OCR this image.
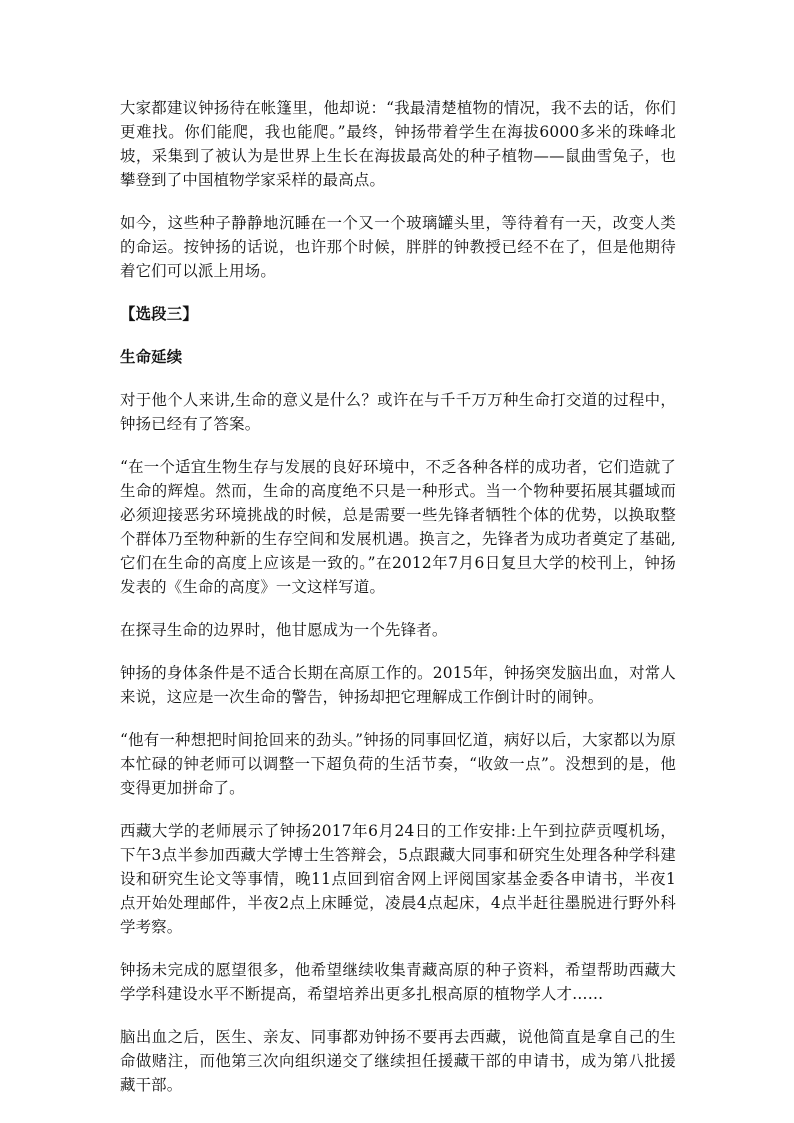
大家都建议钟扬待在帐篷里，他却说：“我最清楚植物的情况，我不去的话，你们更难找。你们能爬，我也能爬。”最终，钟扬带着学生在海拔6000多米的珠峰北坡，采集到了被认为是世界上生长在海拔最高处的种子植物——鼠曲雪兔子，也攀登到了中国植物学家采样的最高点。

如今，这些种子静静地沉睡在一个又一个玻璃罐头里，等待着有一天，改变人类的命运。按钟扬的话说，也许那个时候，胖胖的钟教授已经不在了，但是他期待着它们可以派上用场。

【选段三】

生命延续

对于他个人来讲,生命的意义是什么？或许在与千千万万种生命打交道的过程中，钟扬已经有了答案。

“在一个适宜生物生存与发展的良好环境中，不乏各种各样的成功者，它们造就了生命的辉煌。然而，生命的高度绝不只是一种形式。当一个物种要拓展其疆域而必须迎接恶劣环境挑战的时候，总是需要一些先锋者牺牲个体的优势，以换取整个群体乃至物种新的生存空间和发展机遇。换言之，先锋者为成功者奠定了基础,它们在生命的高度上应该是一致的。”在2012年7月6日复旦大学的校刊上，钟扬发表的《生命的高度》一文这样写道。

在探寻生命的边界时，他甘愿成为一个先锋者。

钟扬的身体条件是不适合长期在高原工作的。2015年，钟扬突发脑出血，对常人来说，这应是一次生命的警告，钟扬却把它理解成工作倒计时的闹钟。

“他有一种想把时间抢回来的劲头。”钟扬的同事回忆道，病好以后，大家都以为原本忙碌的钟老师可以调整一下超负荷的生活节奏，“收敛一点”。没想到的是，他变得更加拼命了。

西藏大学的老师展示了钟扬2017年6月24日的工作安排:上午到拉萨贡嘎机场，下午3点半参加西藏大学博士生答辩会，5点跟藏大同事和研究生处理各种学科建设和研究生论文等事情，晚11点回到宿舍网上评阅国家基金委各申请书，半夜1点开始处理邮件，半夜2点上床睡觉，凌晨4点起床，4点半赶往墨脱进行野外科学考察。

钟扬未完成的愿望很多，他希望继续收集青藏高原的种子资料，希望帮助西藏大学学科建设水平不断提高，希望培养出更多扎根高原的植物学人才……

脑出血之后，医生、亲友、同事都劝钟扬不要再去西藏，说他简直是拿自己的生命做赌注，而他第三次向组织递交了继续担任援藏干部的申请书，成为第八批援藏干部。
